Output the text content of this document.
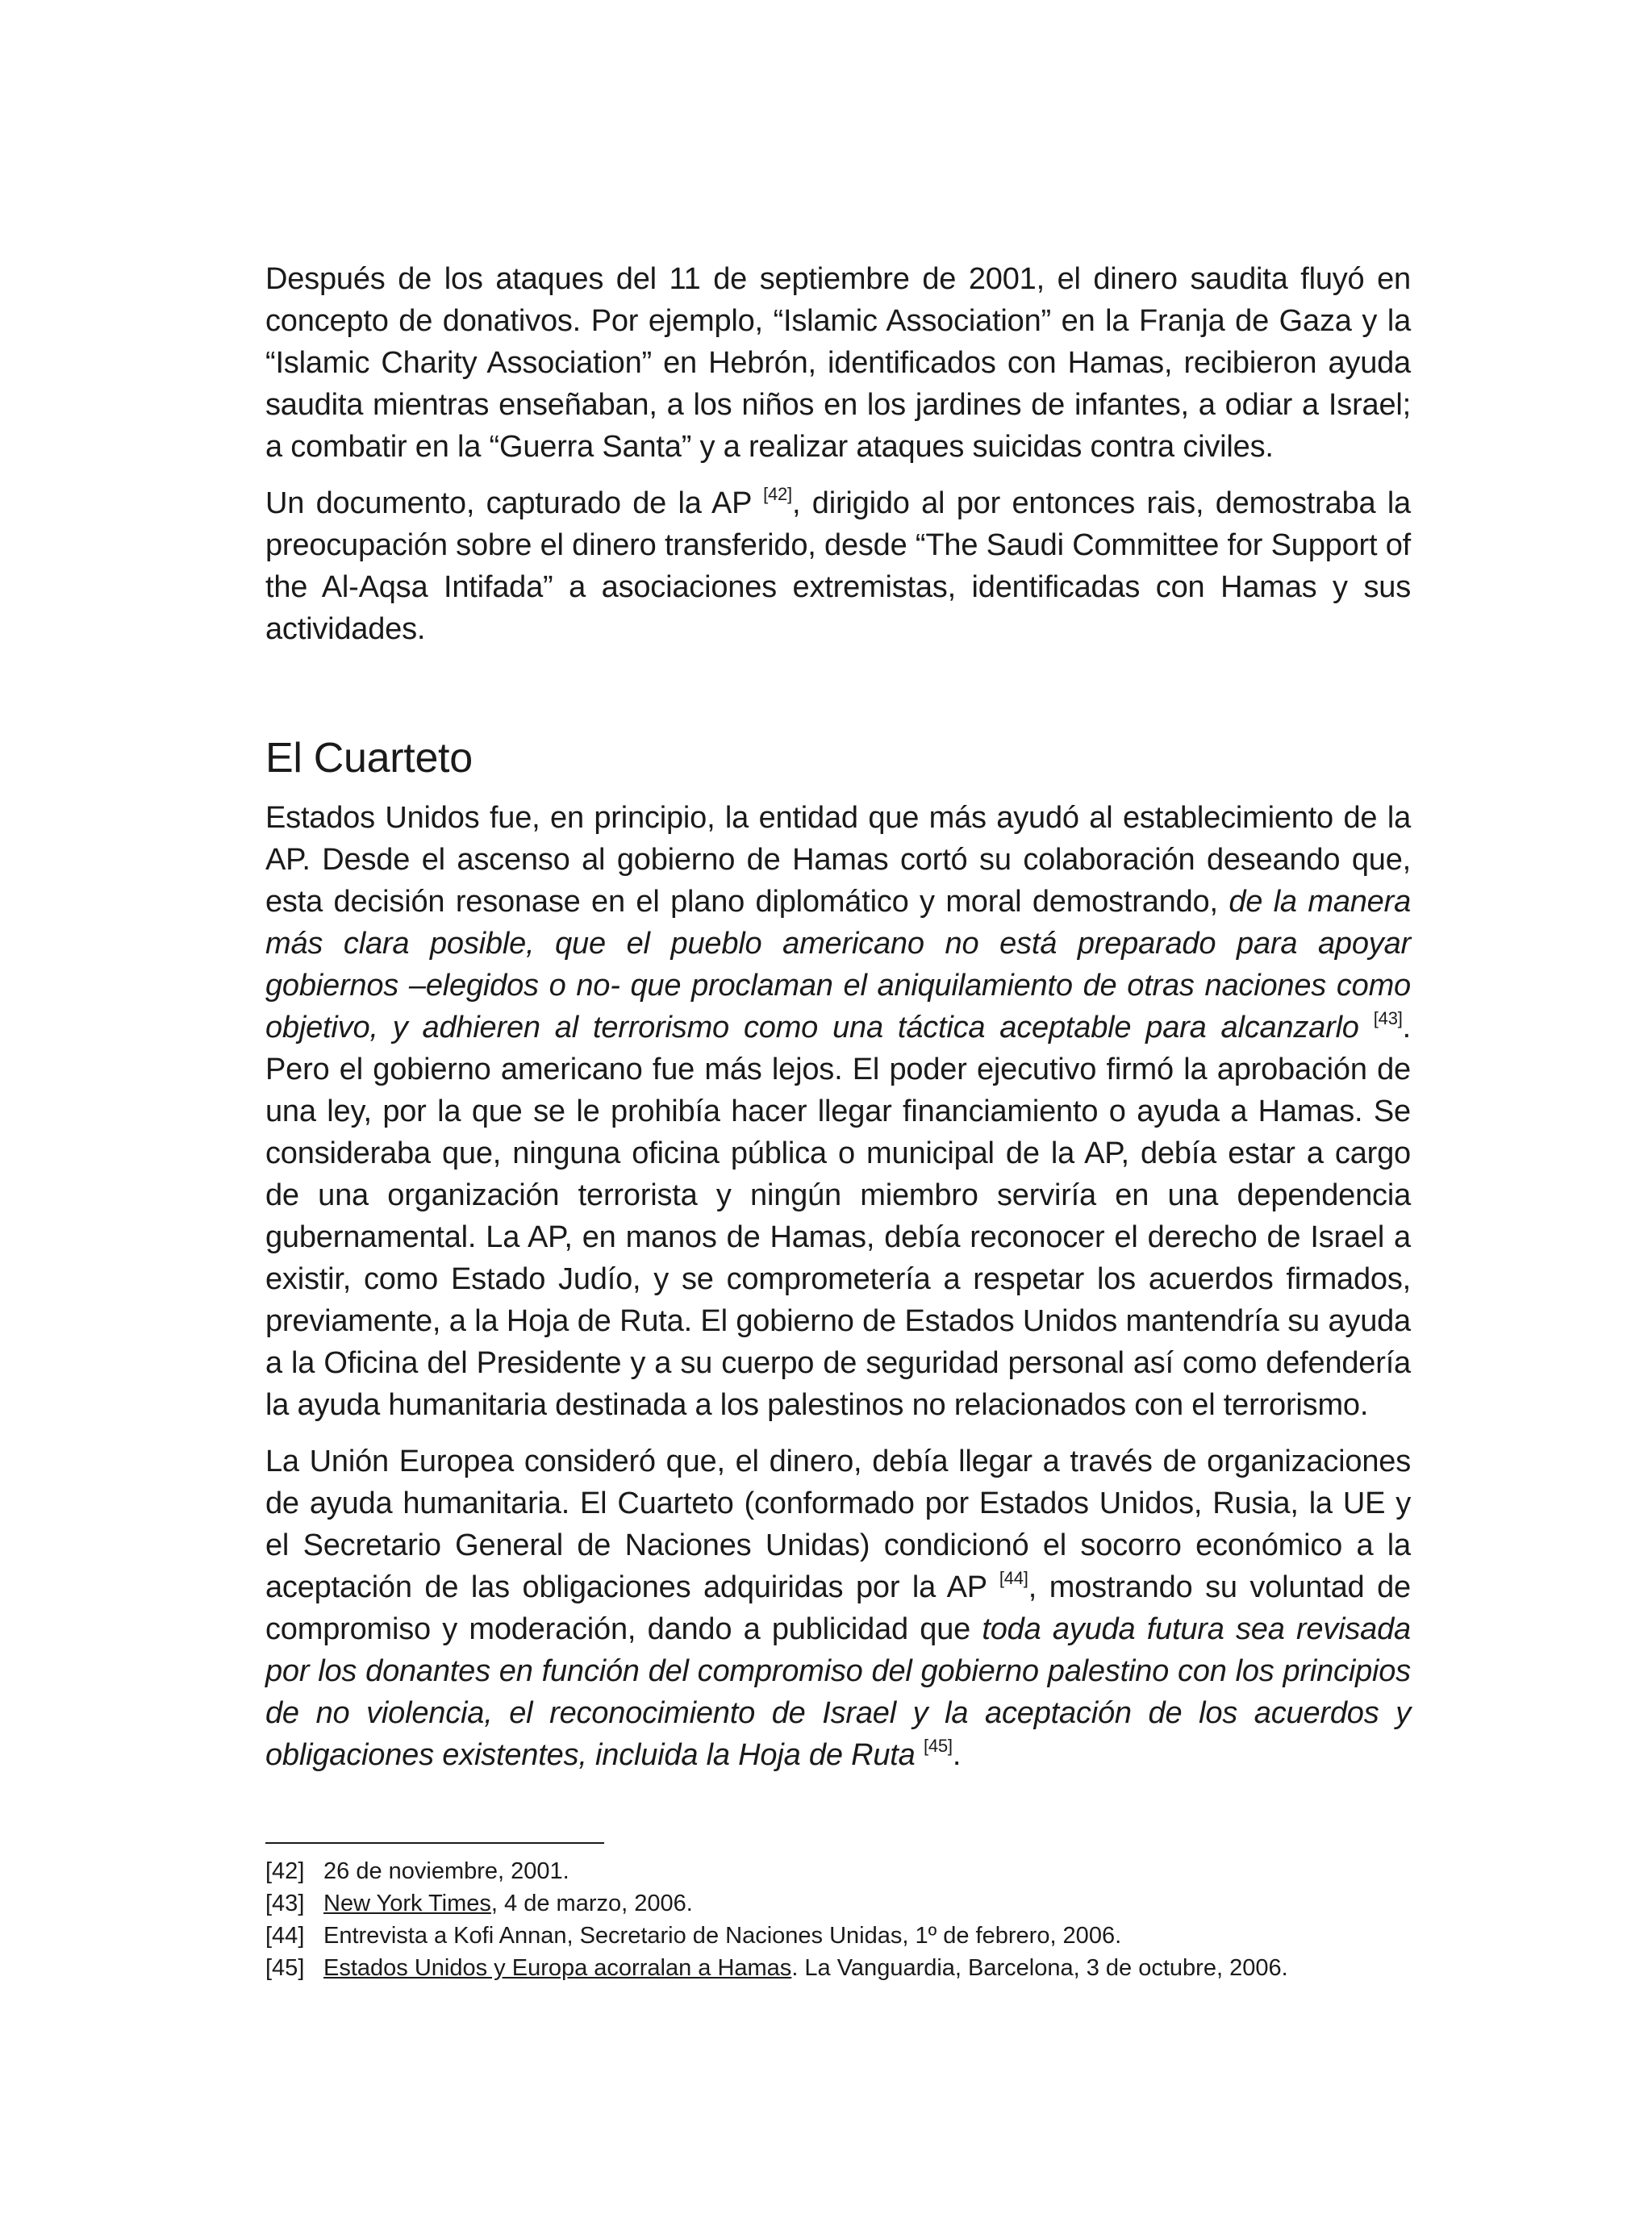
Después de los ataques del 11 de septiembre de 2001, el dinero saudita fluyó en concepto de donativos. Por ejemplo, “Islamic Association” en la Franja de Gaza y la “Islamic Charity Association” en Hebrón, identificados con Hamas, recibieron ayuda saudita mientras enseñaban, a los niños en los jardines de infantes, a odiar a Israel; a combatir en la “Guerra Santa” y a realizar ataques suicidas contra civiles.

Un documento, capturado de la AP [42], dirigido al por entonces rais, demostraba la preocupación sobre el dinero transferido, desde “The Saudi Committee for Support of the Al-Aqsa Intifada” a asociaciones extremistas, identificadas con Hamas y sus actividades.

El Cuarteto

Estados Unidos fue, en principio, la entidad que más ayudó al establecimiento de la AP. Desde el ascenso al gobierno de Hamas cortó su colaboración deseando que, esta decisión resonase en el plano diplomático y moral demostrando, de la manera más clara posible, que el pueblo americano no está preparado para apoyar gobiernos –elegidos o no- que proclaman el aniquilamiento de otras naciones como objetivo, y adhieren al terrorismo como una táctica aceptable para alcanzarlo [43]. Pero el gobierno americano fue más lejos. El poder ejecutivo firmó la aprobación de una ley, por la que se le prohibía hacer llegar financiamiento o ayuda a Hamas. Se consideraba que, ninguna oficina pública o municipal de la AP, debía estar a cargo de una organización terrorista y ningún miembro serviría en una dependencia gubernamental. La AP, en manos de Hamas, debía reconocer el derecho de Israel a existir, como Estado Judío, y se comprometería a respetar los acuerdos firmados, previamente, a la Hoja de Ruta. El gobierno de Estados Unidos mantendría su ayuda a la Oficina del Presidente y a su cuerpo de seguridad personal así como defendería la ayuda humanitaria destinada a los palestinos no relacionados con el terrorismo.

La Unión Europea consideró que, el dinero, debía llegar a través de organizaciones de ayuda humanitaria. El Cuarteto (conformado por Estados Unidos, Rusia, la UE y el Secretario General de Naciones Unidas) condicionó el socorro económico a la aceptación de las obligaciones adquiridas por la AP [44], mostrando su voluntad de compromiso y moderación, dando a publicidad que toda ayuda futura sea revisada por los donantes en función del compromiso del gobierno palestino con los principios de no violencia, el reconocimiento de Israel y la aceptación de los acuerdos y obligaciones existentes, incluida la Hoja de Ruta [45].

[42] 26 de noviembre, 2001.

[43] New York Times, 4 de marzo, 2006.

[44] Entrevista a Kofi Annan, Secretario de Naciones Unidas, 1º de febrero, 2006.

[45] Estados Unidos y Europa acorralan a Hamas. La Vanguardia, Barcelona, 3 de octubre, 2006.
